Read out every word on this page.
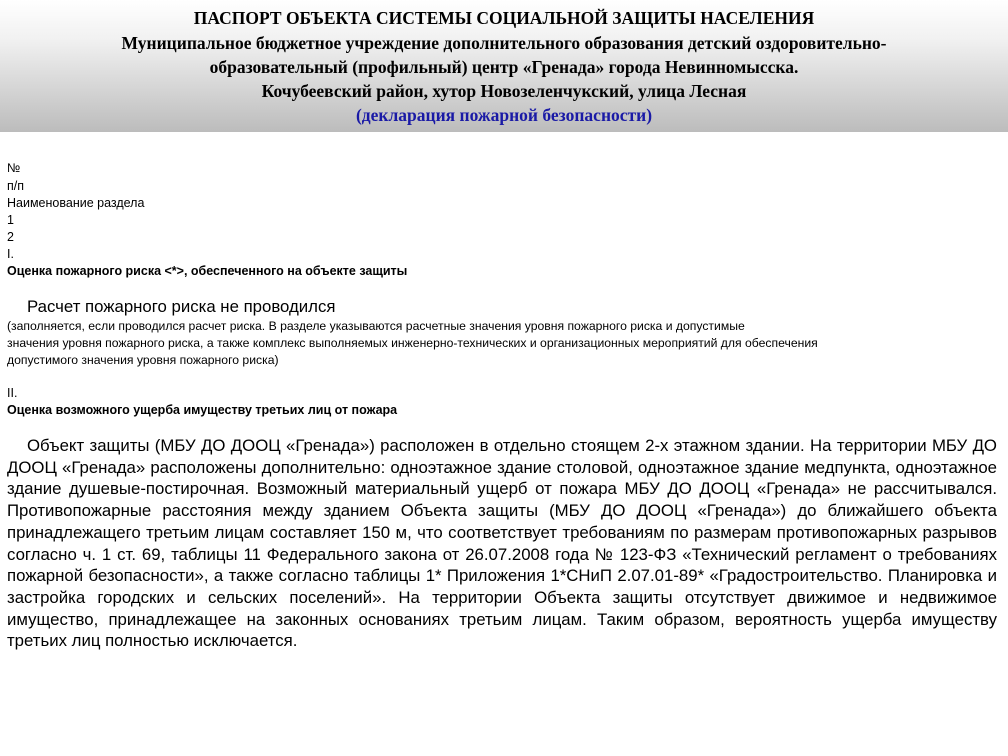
ПАСПОРТ ОБЪЕКТА СИСТЕМЫ СОЦИАЛЬНОЙ ЗАЩИТЫ НАСЕЛЕНИЯ
Муниципальное бюджетное учреждение дополнительного образования детский оздоровительно-
образовательный (профильный) центр «Гренада» города Невинномысска.
Кочубеевский район, хутор Новозеленчукский, улица Лесная
(декларация пожарной безопасности)
№
п/п
Наименование раздела
1
2
I.
Оценка пожарного риска <*>, обеспеченного на объекте защиты
Расчет пожарного риска не проводился
(заполняется, если проводился расчет риска. В разделе указываются расчетные значения уровня пожарного риска и допустимые
значения уровня пожарного риска, а также комплекс выполняемых инженерно-технических и организационных мероприятий для обеспечения
допустимого значения уровня пожарного риска)
II.
Оценка возможного ущерба имуществу третьих лиц от пожара
Объект защиты (МБУ ДО ДООЦ «Гренада») расположен в отдельно стоящем 2-х этажном здании. На территории МБУ ДО ДООЦ «Гренада» расположены дополнительно: одноэтажное здание столовой, одноэтажное здание медпункта, одноэтажное здание душевые-постирочная. Возможный материальный ущерб от пожара МБУ ДО ДООЦ «Гренада» не рассчитывался. Противопожарные расстояния между зданием Объекта защиты (МБУ ДО ДООЦ «Гренада») до ближайшего объекта принадлежащего третьим лицам составляет 150 м, что соответствует требованиям по размерам противопожарных разрывов согласно ч. 1 ст. 69, таблицы 11 Федерального закона от 26.07.2008 года № 123-ФЗ «Технический регламент о требованиях пожарной безопасности», а также согласно таблицы 1* Приложения 1*СНиП 2.07.01-89* «Градостроительство. Планировка и застройка городских и сельских поселений». На территории Объекта защиты отсутствует движимое и недвижимое имущество, принадлежащее на законных основаниях третьим лицам. Таким образом, вероятность ущерба имуществу третьих лиц полностью исключается.
